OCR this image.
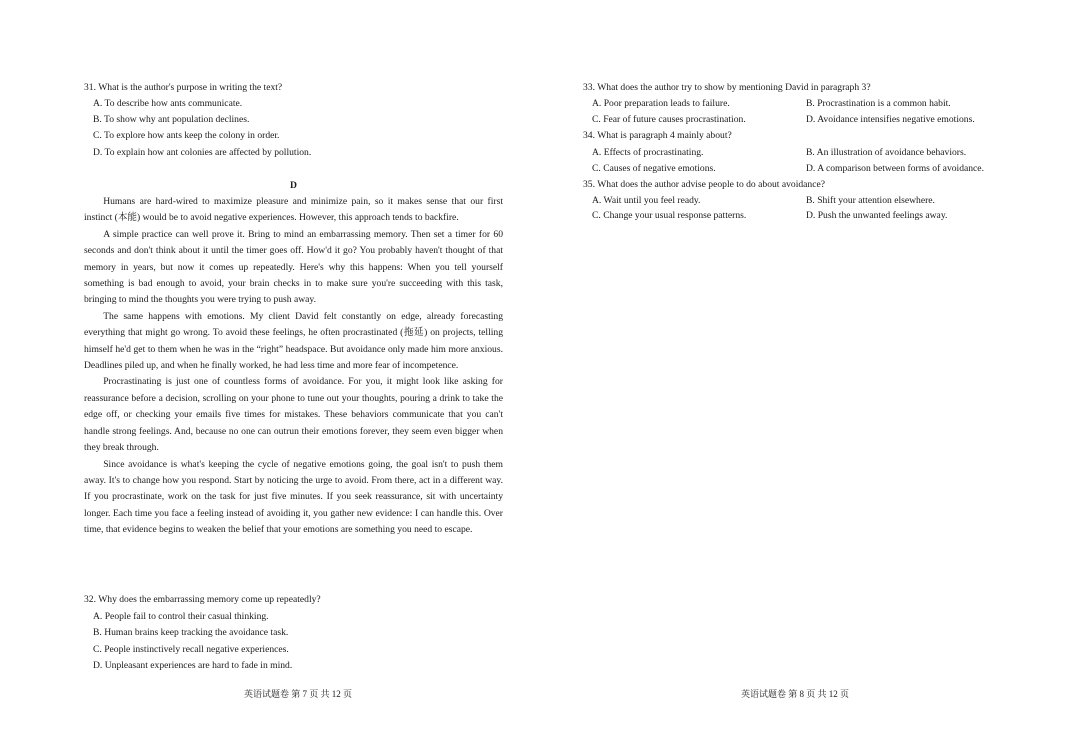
31. What is the author's purpose in writing the text?
A. To describe how ants communicate.
B. To show why ant population declines.
C. To explore how ants keep the colony in order.
D. To explain how ant colonies are affected by pollution.
D

Humans are hard-wired to maximize pleasure and minimize pain, so it makes sense that our first instinct (本能) would be to avoid negative experiences. However, this approach tends to backfire.

A simple practice can well prove it. Bring to mind an embarrassing memory. Then set a timer for 60 seconds and don't think about it until the timer goes off. How'd it go? You probably haven't thought of that memory in years, but now it comes up repeatedly. Here's why this happens: When you tell yourself something is bad enough to avoid, your brain checks in to make sure you're succeeding with this task, bringing to mind the thoughts you were trying to push away.

The same happens with emotions. My client David felt constantly on edge, already forecasting everything that might go wrong. To avoid these feelings, he often procrastinated (拖延) on projects, telling himself he'd get to them when he was in the “right” headspace. But avoidance only made him more anxious. Deadlines piled up, and when he finally worked, he had less time and more fear of incompetence.

Procrastinating is just one of countless forms of avoidance. For you, it might look like asking for reassurance before a decision, scrolling on your phone to tune out your thoughts, pouring a drink to take the edge off, or checking your emails five times for mistakes. These behaviors communicate that you can't handle strong feelings. And, because no one can outrun their emotions forever, they seem even bigger when they break through.

Since avoidance is what's keeping the cycle of negative emotions going, the goal isn't to push them away. It's to change how you respond. Start by noticing the urge to avoid. From there, act in a different way. If you procrastinate, work on the task for just five minutes. If you seek reassurance, sit with uncertainty longer. Each time you face a feeling instead of avoiding it, you gather new evidence: I can handle this. Over time, that evidence begins to weaken the belief that your emotions are something you need to escape.

32. Why does the embarrassing memory come up repeatedly?
A. People fail to control their casual thinking.
B. Human brains keep tracking the avoidance task.
C. People instinctively recall negative experiences.
D. Unpleasant experiences are hard to fade in mind.
英语试题卷 第 7 页 共 12 页
33. What does the author try to show by mentioning David in paragraph 3?
A. Poor preparation leads to failure.	B. Procrastination is a common habit.
C. Fear of future causes procrastination.	D. Avoidance intensifies negative emotions.
34. What is paragraph 4 mainly about?
A. Effects of procrastinating.	B. An illustration of avoidance behaviors.
C. Causes of negative emotions.	D. A comparison between forms of avoidance.
35. What does the author advise people to do about avoidance?
A. Wait until you feel ready.	B. Shift your attention elsewhere.
C. Change your usual response patterns.	D. Push the unwanted feelings away.
英语试题卷 第 8 页 共 12 页
